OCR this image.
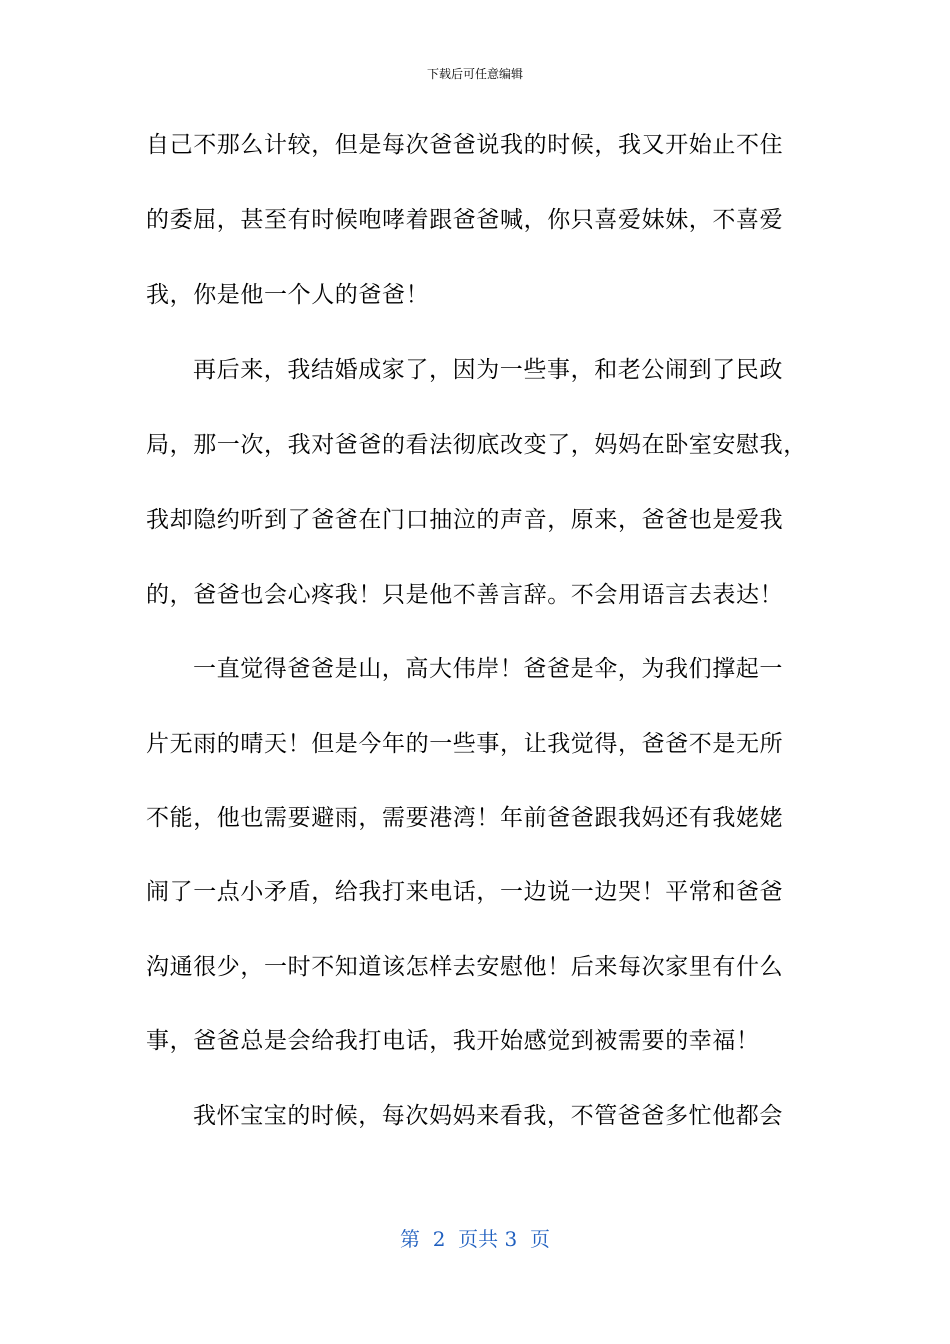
下载后可任意编辑
自己不那么计较，但是每次爸爸说我的时候，我又开始止不住
的委屈，甚至有时候咆哮着跟爸爸喊，你只喜爱妹妹，不喜爱
我，你是他一个人的爸爸！
再后来，我结婚成家了，因为一些事，和老公闹到了民政
局，那一次，我对爸爸的看法彻底改变了，妈妈在卧室安慰我，
我却隐约听到了爸爸在门口抽泣的声音，原来，爸爸也是爱我
的，爸爸也会心疼我！只是他不善言辞。不会用语言去表达！
一直觉得爸爸是山，高大伟岸！爸爸是伞，为我们撑起一
片无雨的晴天！但是今年的一些事，让我觉得，爸爸不是无所
不能，他也需要避雨，需要港湾！年前爸爸跟我妈还有我姥姥
闹了一点小矛盾，给我打来电话，一边说一边哭！平常和爸爸
沟通很少，一时不知道该怎样去安慰他！后来每次家里有什么
事，爸爸总是会给我打电话，我开始感觉到被需要的幸福！
我怀宝宝的时候，每次妈妈来看我，不管爸爸多忙他都会
第  2  页共 3  页
